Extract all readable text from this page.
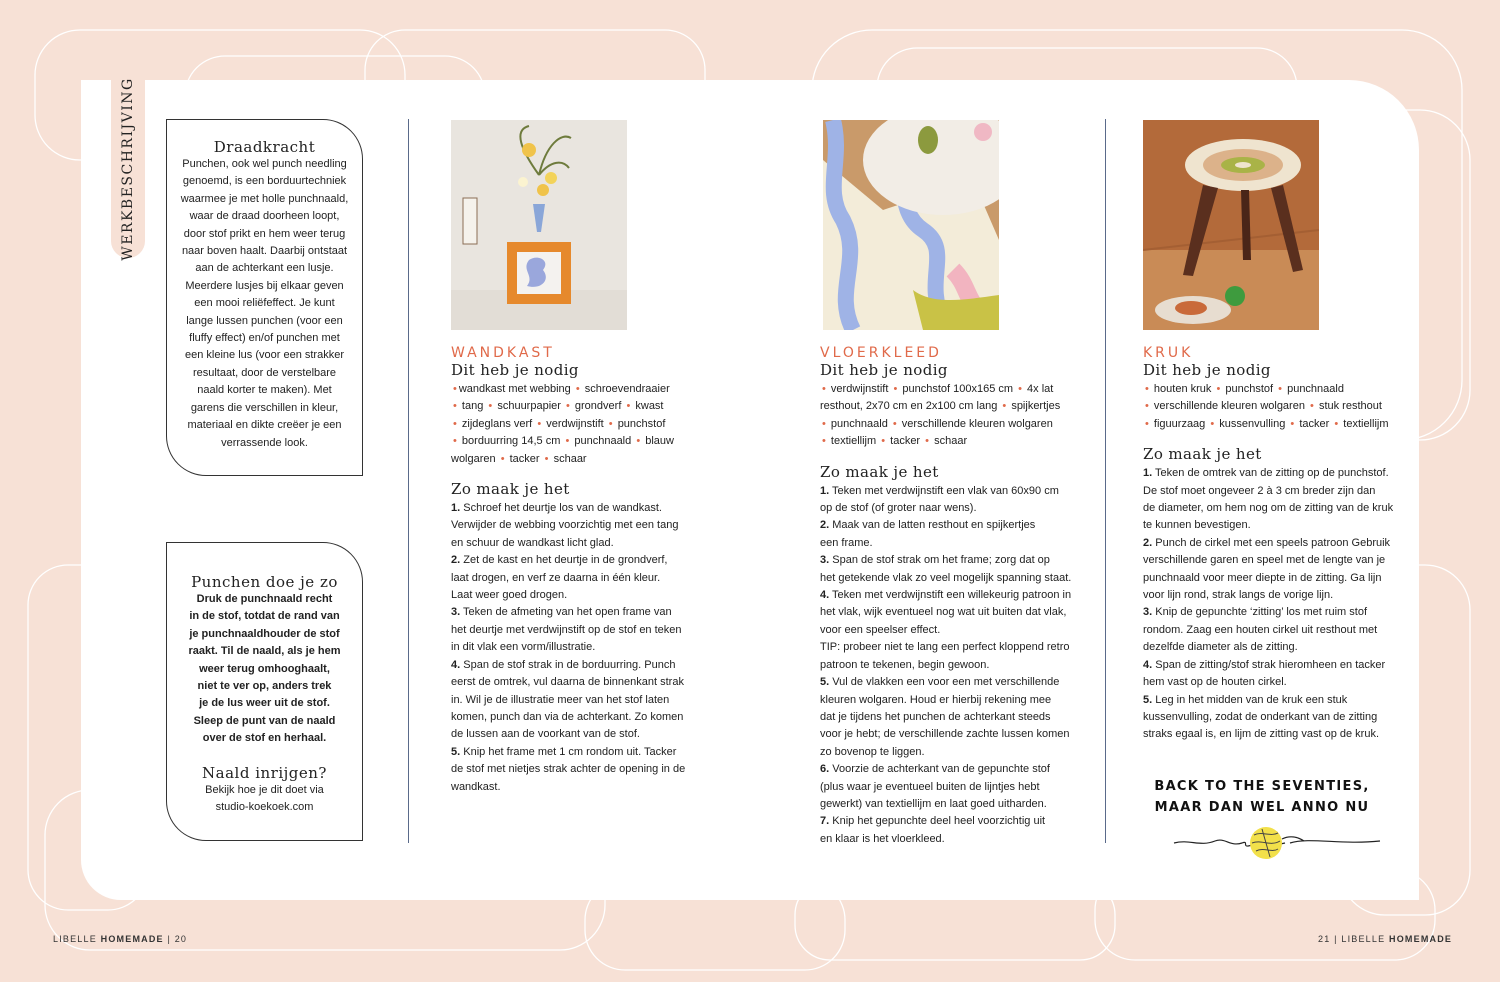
WERKBESCHRIJVING	Draadkracht

Punchen, ook wel punch needling
genoemd, is een borduurtechniek
waarmee je met holle punchnaald,
waar de draad doorheen loopt,
door stof prikt en hem weer terug
naar boven haalt. Daarbij ontstaat
aan de achterkant een lusje.
Meerdere lusjes bij elkaar geven
een mooi reliëfeffect. Je kunt
lange lussen punchen (voor een
fluffy effect) en/of punchen met
een kleine lus (voor een strakker
resultaat, door de verstelbare
naald korter te maken). Met
garens die verschillen in kleur,
materiaal en dikte creëer je een
verrassende look.

Punchen doe je zo

Druk de punchnaald recht
in de stof, totdat de rand van
je punchnaaldhouder de stof
raakt. Til de naald, als je hem
weer terug omhooghaalt,
niet te ver op, anders trek
je de lus weer uit de stof.
Sleep de punt van de naald
over de stof en herhaal.

Naald inrijgen?

Bekijk hoe je dit doet via
studio-koekoek.com

WANDKAST
Dit heb je nodig

• wandkast met webbing • schroevendraaier
• tang • schuurpapier • grondverf • kwast
• zijdeglans verf • verdwijnstift • punchstof
• borduurring 14,5 cm • punchnaald • blauw
wolgaren • tacker • schaar

Zo maak je het
1. Schroef het deurtje los van de wandkast.
Verwijder de webbing voorzichtig met een tang
en schuur de wandkast licht glad.
2. Zet de kast en het deurtje in de grondverf,
laat drogen, en verf ze daarna in één kleur.
Laat weer goed drogen.
3. Teken de afmeting van het open frame van
het deurtje met verdwijnstift op de stof en teken
in dit vlak een vorm/illustratie.
4. Span de stof strak in de borduurring. Punch
eerst de omtrek, vul daarna de binnenkant strak
in. Wil je de illustratie meer van het stof laten
komen, punch dan via de achterkant. Zo komen
de lussen aan de voorkant van de stof.
5. Knip het frame met 1 cm rondom uit. Tacker
de stof met nietjes strak achter de opening in de
wandkast.
VLOERKLEED
Dit heb je nodig

• verdwijnstift • punchstof 100x165 cm • 4x lat
resthout, 2x70 cm en 2x100 cm lang • spijkertjes
• punchnaald • verschillende kleuren wolgaren
• textiellijm • tacker • schaar

Zo maak je het
1. Teken met verdwijnstift een vlak van 60x90 cm
op de stof (of groter naar wens).
2. Maak van de latten resthout en spijkertjes
een frame.
3. Span de stof strak om het frame; zorg dat op
het getekende vlak zo veel mogelijk spanning staat.
4. Teken met verdwijnstift een willekeurig patroon in
het vlak, wijk eventueel nog wat uit buiten dat vlak,
voor een speelser effect.
TIP: probeer niet te lang een perfect kloppend retro
patroon te tekenen, begin gewoon.
5. Vul de vlakken een voor een met verschillende
kleuren wolgaren. Houd er hierbij rekening mee
dat je tijdens het punchen de achterkant steeds
voor je hebt; de verschillende zachte lussen komen
zo bovenop te liggen.
6. Voorzie de achterkant van de gepunchte stof
(plus waar je eventueel buiten de lijntjes hebt
gewerkt) van textiellijm en laat goed uitharden.
7. Knip het gepunchte deel heel voorzichtig uit
en klaar is het vloerkleed.
KRUK
Dit heb je nodig

• houten kruk • punchstof • punchnaald
• verschillende kleuren wolgaren • stuk resthout
• figuurzaag • kussenvulling • tacker • textiellijm

Zo maak je het
1. Teken de omtrek van de zitting op de punchstof.
De stof moet ongeveer 2 à 3 cm breder zijn dan
de diameter, om hem nog om de zitting van de kruk
te kunnen bevestigen.
2. Punch de cirkel met een speels patroon Gebruik
verschillende garen en speel met de lengte van je
punchnaald voor meer diepte in de zitting. Ga lijn
voor lijn rond, strak langs de vorige lijn.
3. Knip de gepunchte ‘zitting’ los met ruim stof
rondom. Zaag een houten cirkel uit resthout met
dezelfde diameter als de zitting.
4. Span de zitting/stof strak hieromheen en tacker
hem vast op de houten cirkel.
5. Leg in het midden van de kruk een stuk
kussenvulling, zodat de onderkant van de zitting
straks egaal is, en lijm de zitting vast op de kruk.
BACK TO THE SEVENTIES,
MAAR DAN WEL ANNO NU
LIBELLE HOMEMADE | 20	21 | LIBELLE HOMEMADE
